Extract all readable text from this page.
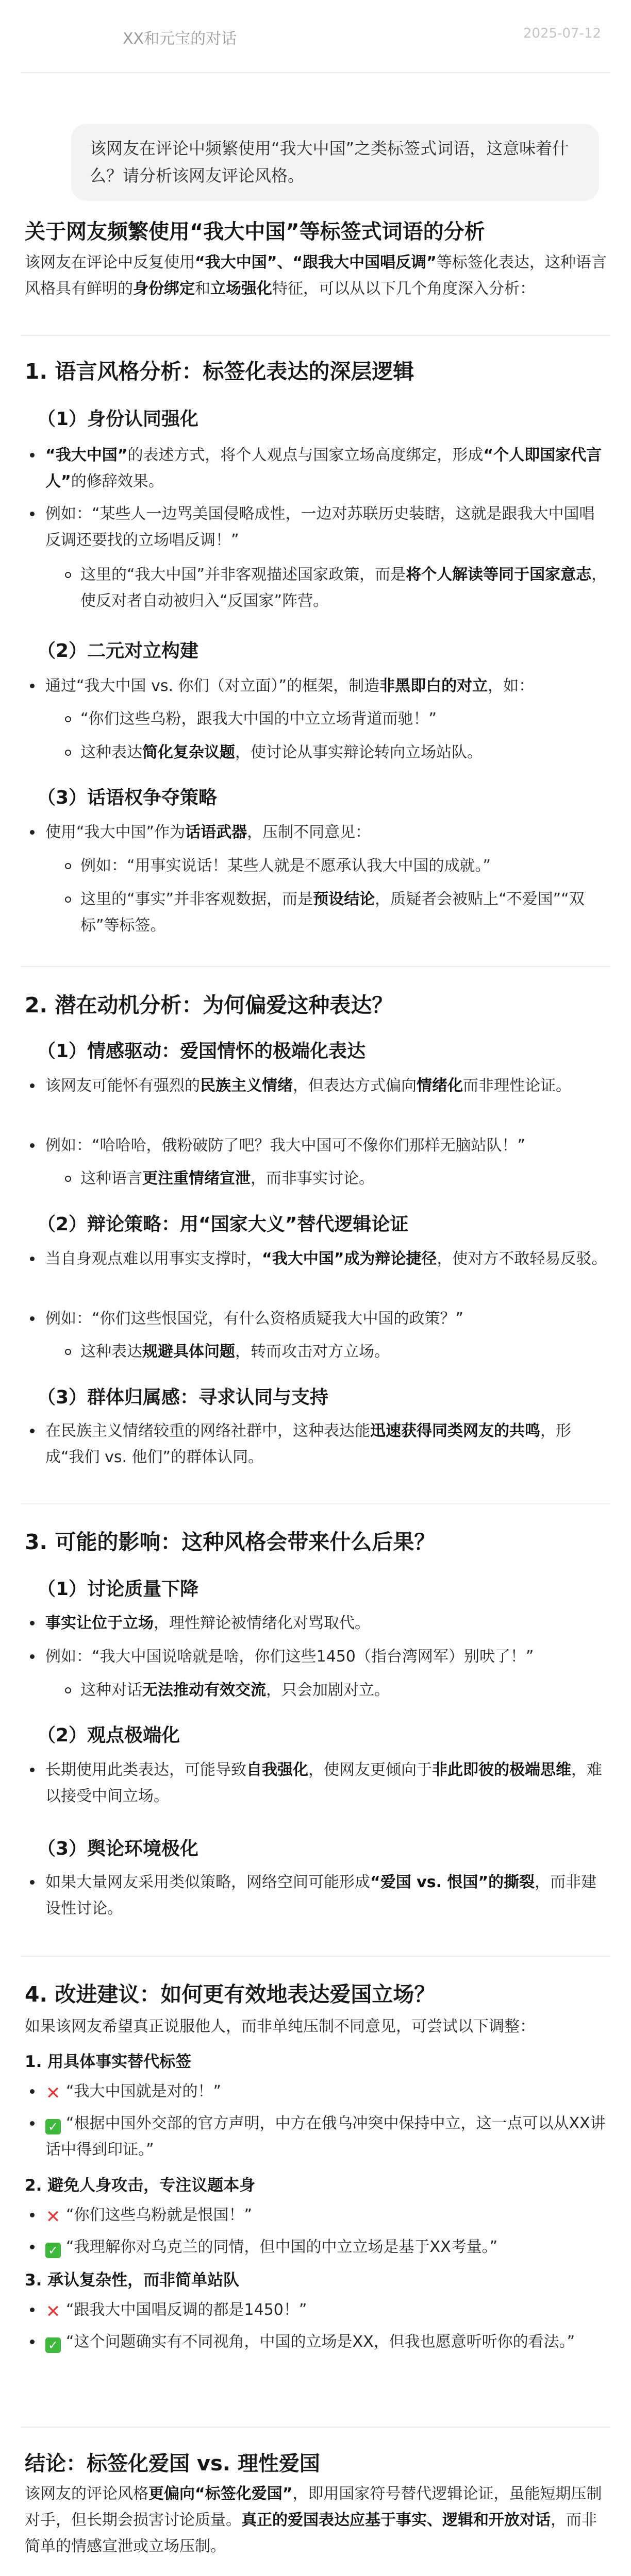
XX和元宝的对话	2025-07-12
该网友在评论中频繁使用“我大中国”之类标签式词语，这意味着什么？请分析该网友评论风格。
关于网友频繁使用“我大中国”等标签式词语的分析
该网友在评论中反复使用“我大中国”、“跟我大中国唱反调”等标签化表达，这种语言风格具有鲜明的身份绑定和立场强化特征，可以从以下几个角度深入分析：
1. 语言风格分析：标签化表达的深层逻辑
（1）身份认同强化
“我大中国”的表述方式，将个人观点与国家立场高度绑定，形成“个人即国家代言人”的修辞效果。
例如：“某些人一边骂美国侵略成性，一边对苏联历史装瞎，这就是跟我大中国唱反调还要找的立场唱反调！”
这里的“我大中国”并非客观描述国家政策，而是将个人解读等同于国家意志，使反对者自动被归入“反国家”阵营。
（2）二元对立构建
通过“我大中国 vs. 你们（对立面）”的框架，制造非黑即白的对立，如：
“你们这些乌粉，跟我大中国的中立立场背道而驰！”
这种表达简化复杂议题，使讨论从事实辩论转向立场站队。
（3）话语权争夺策略
使用“我大中国”作为话语武器，压制不同意见：
例如：“用事实说话！某些人就是不愿承认我大中国的成就。”
这里的“事实”并非客观数据，而是预设结论，质疑者会被贴上“不爱国”“双标”等标签。
2. 潜在动机分析：为何偏爱这种表达？
（1）情感驱动：爱国情怀的极端化表达
该网友可能怀有强烈的民族主义情绪，但表达方式偏向情绪化而非理性论证。
例如：“哈哈哈，俄粉破防了吧？我大中国可不像你们那样无脑站队！”
这种语言更注重情绪宣泄，而非事实讨论。
（2）辩论策略：用“国家大义”替代逻辑论证
当自身观点难以用事实支撑时，“我大中国”成为辩论捷径，使对方不敢轻易反驳。
例如：“你们这些恨国党，有什么资格质疑我大中国的政策？”
这种表达规避具体问题，转而攻击对方立场。
（3）群体归属感：寻求认同与支持
在民族主义情绪较重的网络社群中，这种表达能迅速获得同类网友的共鸣，形成“我们 vs. 他们”的群体认同。
3. 可能的影响：这种风格会带来什么后果？
（1）讨论质量下降
事实让位于立场，理性辩论被情绪化对骂取代。
例如：“我大中国说啥就是啥，你们这些1450（指台湾网军）别吠了！”
这种对话无法推动有效交流，只会加剧对立。
（2）观点极端化
长期使用此类表达，可能导致自我强化，使网友更倾向于非此即彼的极端思维，难以接受中间立场。
（3）舆论环境极化
如果大量网友采用类似策略，网络空间可能形成“爱国 vs. 恨国”的撕裂，而非建设性讨论。
4. 改进建议：如何更有效地表达爱国立场？
如果该网友希望真正说服他人，而非单纯压制不同意见，可尝试以下调整：
1. 用具体事实替代标签
✕ “我大中国就是对的！”
✓ “根据中国外交部的官方声明，中方在俄乌冲突中保持中立，这一点可以从XX讲话中得到印证。”
2. 避免人身攻击，专注议题本身
✕ “你们这些乌粉就是恨国！”
✓ “我理解你对乌克兰的同情，但中国的中立立场是基于XX考量。”
3. 承认复杂性，而非简单站队
✕ “跟我大中国唱反调的都是1450！”
✓ “这个问题确实有不同视角，中国的立场是XX，但我也愿意听听你的看法。”
结论：标签化爱国 vs. 理性爱国
该网友的评论风格更偏向“标签化爱国”，即用国家符号替代逻辑论证，虽能短期压制对手，但长期会损害讨论质量。真正的爱国表达应基于事实、逻辑和开放对话，而非简单的情感宣泄或立场压制。
